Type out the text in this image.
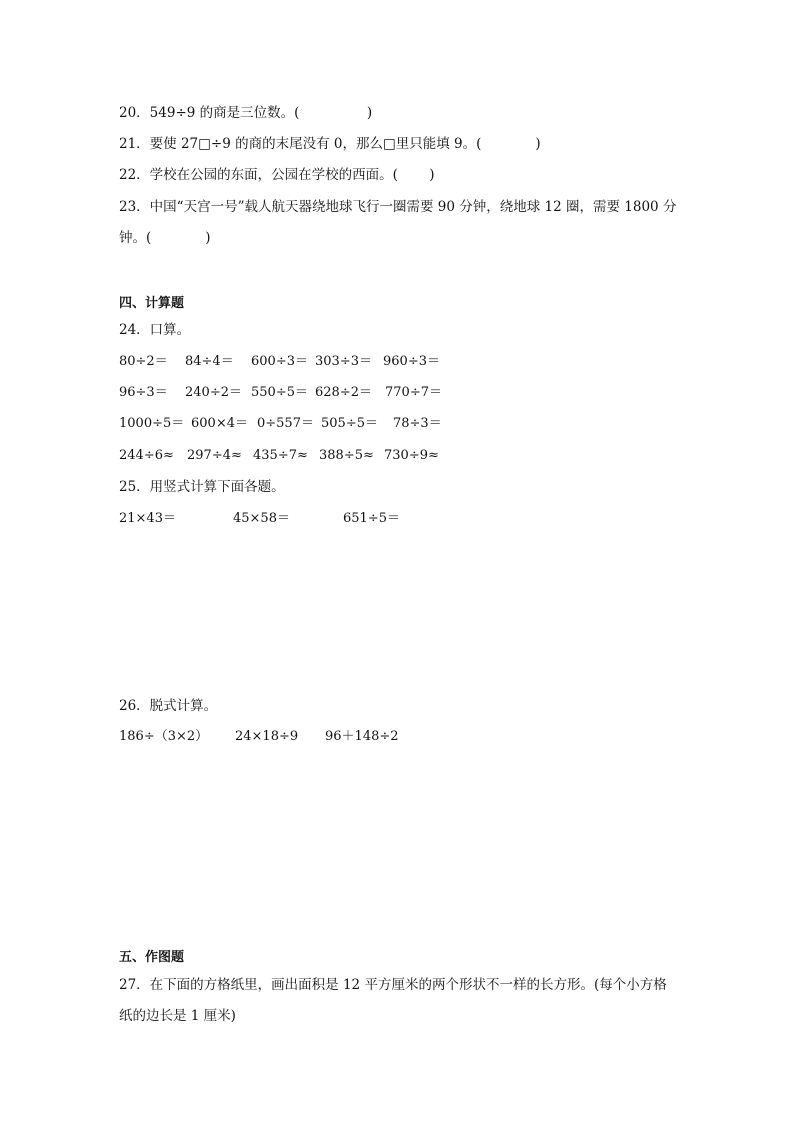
20．549÷9 的商是三位数。(　　　　　)
21．要使 27□÷9 的商的末尾没有 0，那么□里只能填 9。(　　　　)
22．学校在公园的东面，公园在学校的西面。(　　 )
23．中国“天宫一号”载人航天器绕地球飞行一圈需要 90 分钟，绕地球 12 圈，需要 1800 分
钟。(　　　　)
四、计算题
24．口算。
80÷2＝ 84÷4＝ 600÷3＝ 303÷3＝ 960÷3＝
96÷3＝ 240÷2＝ 550÷5＝ 628÷2＝ 770÷7＝
1000÷5＝ 600×4＝ 0÷557＝ 505÷5＝ 78÷3＝
244÷6≈ 297÷4≈ 435÷7≈ 388÷5≈ 730÷9≈
25．用竖式计算下面各题。
21×43＝	45×58＝	651÷5＝
26．脱式计算。
186÷（3×2） 24×18÷9 96＋148÷2
五、作图题
27．在下面的方格纸里，画出面积是 12 平方厘米的两个形状不一样的长方形。(每个小方格
纸的边长是 1 厘米)
